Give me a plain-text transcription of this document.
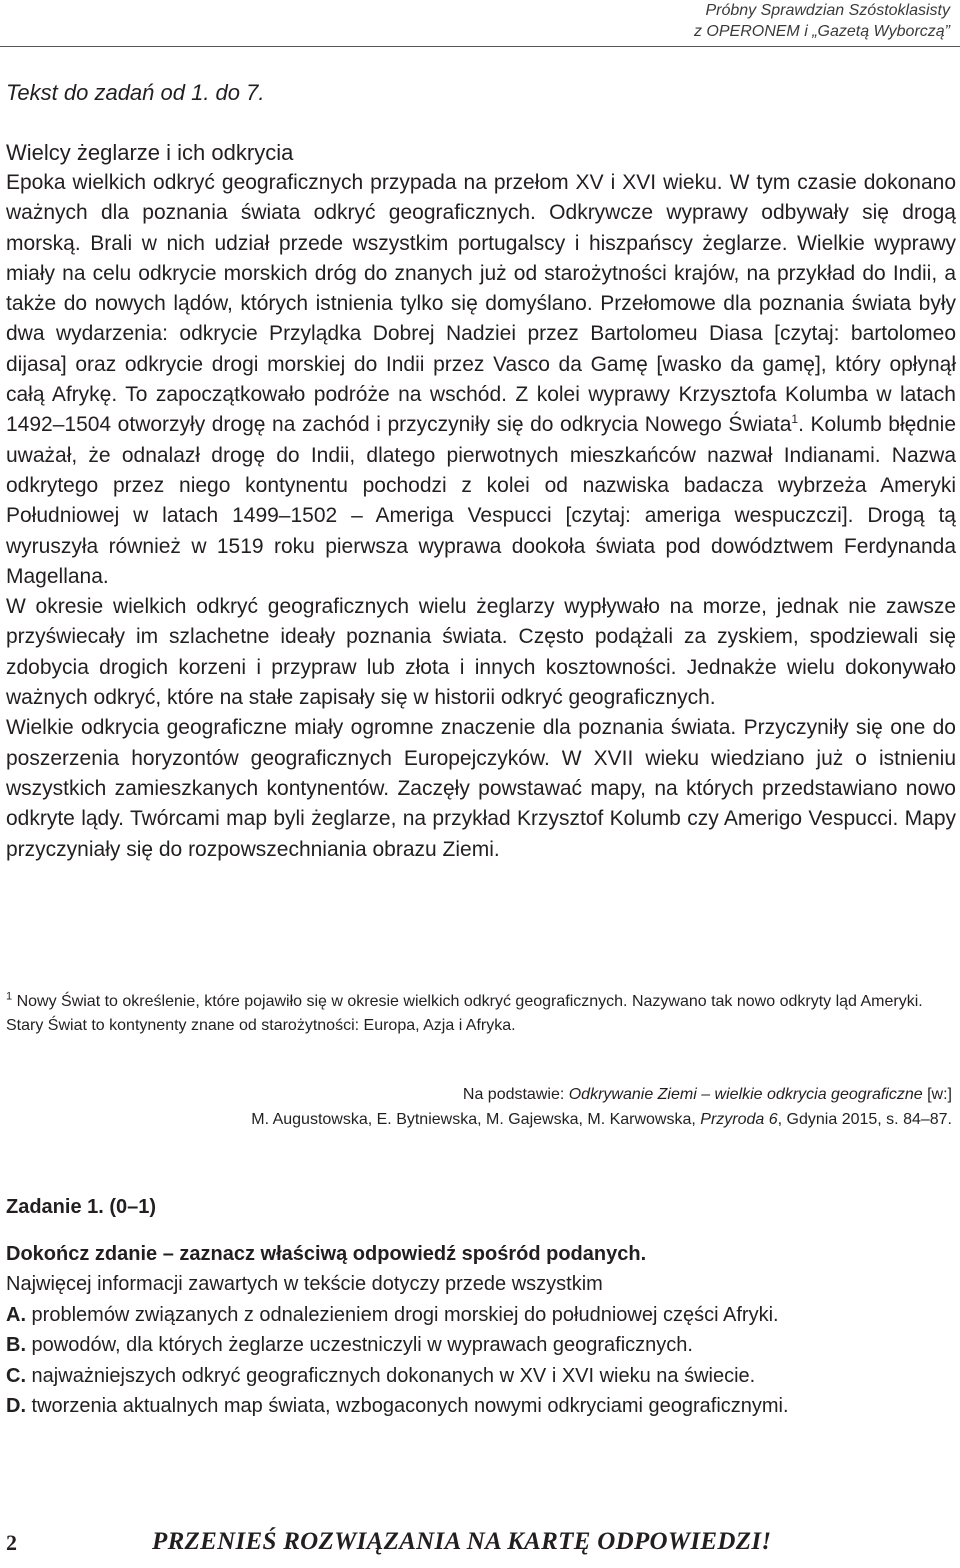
Próbny Sprawdzian Szóstoklasisty
z OPERONEM i „Gazetą Wyborczą”
Tekst do zadań od 1. do 7.
Wielcy żeglarze i ich odkrycia

Epoka wielkich odkryć geograficznych przypada na przełom XV i XVI wieku. W tym czasie dokonano ważnych dla poznania świata odkryć geograficznych. Odkrywcze wyprawy odbywały się drogą morską. Brali w nich udział przede wszystkim portugalscy i hiszpańscy żeglarze. Wielkie wyprawy miały na celu odkrycie morskich dróg do znanych już od starożytności krajów, na przykład do Indii, a także do nowych lądów, których istnienia tylko się domyślano. Przełomowe dla poznania świata były dwa wydarzenia: odkrycie Przylądka Dobrej Nadziei przez Bartolomeu Diasa [czytaj: bartolomeo dijasa] oraz odkrycie drogi morskiej do Indii przez Vasco da Gamę [wasko da gamę], który opłynął całą Afrykę. To zapoczątkowało podróże na wschód. Z kolei wyprawy Krzysztofa Kolumba w latach 1492–1504 otworzyły drogę na zachód i przyczyniły się do odkrycia Nowego Świata$^1$. Kolumb błędnie uważał, że odnalazł drogę do Indii, dlatego pierwotnych mieszkańców nazwał Indianami. Nazwa odkrytego przez niego kontynentu pochodzi z kolei od nazwiska badacza wybrzeża Ameryki Południowej w latach 1499–1502 – Ameriga Vespucci [czytaj: ameriga wespuczczi]. Drogą tą wyruszyła również w 1519 roku pierwsza wyprawa dookoła świata pod dowództwem Ferdynanda Magellana.

W okresie wielkich odkryć geograficznych wielu żeglarzy wypływało na morze, jednak nie zawsze przyświecały im szlachetne ideały poznania świata. Często podążali za zyskiem, spodziewali się zdobycia drogich korzeni i przypraw lub złota i innych kosztowności. Jednakże wielu dokonywało ważnych odkryć, które na stałe zapisały się w historii odkryć geograficznych.

Wielkie odkrycia geograficzne miały ogromne znaczenie dla poznania świata. Przyczyniły się one do poszerzenia horyzontów geograficznych Europejczyków. W XVII wieku wiedziano już o istnieniu wszystkich zamieszkanych kontynentów. Zaczęły powstawać mapy, na których przedstawiano nowo odkryte lądy. Twórcami map byli żeglarze, na przykład Krzysztof Kolumb czy Amerigo Vespucci. Mapy przyczyniały się do rozpowszechniania obrazu Ziemi.

$^1$ Nowy Świat to określenie, które pojawiło się w okresie wielkich odkryć geograficznych. Nazywano tak nowo odkryty ląd Ameryki. Stary Świat to kontynenty znane od starożytności: Europa, Azja i Afryka.
Na podstawie: Odkrywanie Ziemi – wielkie odkrycia geograficzne [w:]
M. Augustowska, E. Bytniewska, M. Gajewska, M. Karwowska, Przyroda 6, Gdynia 2015, s. 84–87.
Zadanie 1. (0–1)
Dokończ zdanie – zaznacz właściwą odpowiedź spośród podanych.
Najwięcej informacji zawartych w tekście dotyczy przede wszystkim
A. problemów związanych z odnalezieniem drogi morskiej do południowej części Afryki.
B. powodów, dla których żeglarze uczestniczyli w wyprawach geograficznych.
C. najważniejszych odkryć geograficznych dokonanych w XV i XVI wieku na świecie.
D. tworzenia aktualnych map świata, wzbogaconych nowymi odkryciami geograficznymi.
2	PRZENIEŚ ROZWIĄZANIA NA KARTĘ ODPOWIEDZI!
